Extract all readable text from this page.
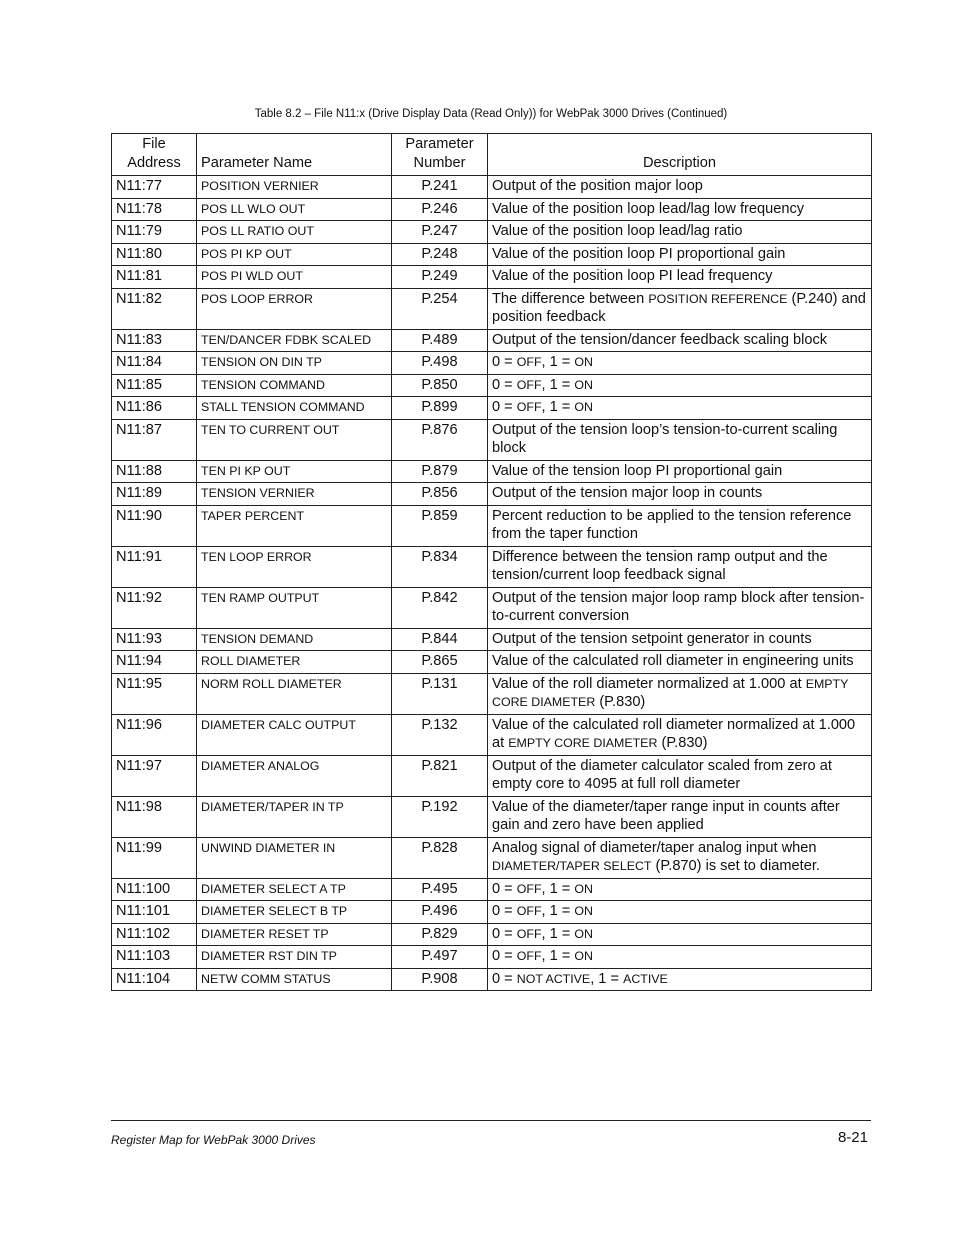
Table 8.2 – File N11:x (Drive Display Data (Read Only)) for WebPak 3000 Drives (Continued)
File Address	Parameter Name	Parameter Number	Description
N11:77	POSITION VERNIER	P.241	Output of the position major loop
N11:78	POS LL WLO OUT	P.246	Value of the position loop lead/lag low frequency
N11:79	POS LL RATIO OUT	P.247	Value of the position loop lead/lag ratio
N11:80	POS PI KP OUT	P.248	Value of the position loop PI proportional gain
N11:81	POS PI WLD OUT	P.249	Value of the position loop PI lead frequency
N11:82	POS LOOP ERROR	P.254	The difference between POSITION REFERENCE (P.240) and position feedback
N11:83	TEN/DANCER FDBK SCALED	P.489	Output of the tension/dancer feedback scaling block
N11:84	TENSION ON DIN TP	P.498	0 = OFF, 1 = ON
N11:85	TENSION COMMAND	P.850	0 = OFF, 1 = ON
N11:86	STALL TENSION COMMAND	P.899	0 = OFF, 1 = ON
N11:87	TEN TO CURRENT OUT	P.876	Output of the tension loop’s tension-to-current scaling block
N11:88	TEN PI KP OUT	P.879	Value of the tension loop PI proportional gain
N11:89	TENSION VERNIER	P.856	Output of the tension major loop in counts
N11:90	TAPER PERCENT	P.859	Percent reduction to be applied to the tension reference from the taper function
N11:91	TEN LOOP ERROR	P.834	Difference between the tension ramp output and the tension/current loop feedback signal
N11:92	TEN RAMP OUTPUT	P.842	Output of the tension major loop ramp block after tension-to-current conversion
N11:93	TENSION DEMAND	P.844	Output of the tension setpoint generator in counts
N11:94	ROLL DIAMETER	P.865	Value of the calculated roll diameter in engineering units
N11:95	NORM ROLL DIAMETER	P.131	Value of the roll diameter normalized at 1.000 at EMPTY CORE DIAMETER (P.830)
N11:96	DIAMETER CALC OUTPUT	P.132	Value of the calculated roll diameter normalized at 1.000 at EMPTY CORE DIAMETER (P.830)
N11:97	DIAMETER ANALOG	P.821	Output of the diameter calculator scaled from zero at empty core to 4095 at full roll diameter
N11:98	DIAMETER/TAPER IN TP	P.192	Value of the diameter/taper range input in counts after gain and zero have been applied
N11:99	UNWIND DIAMETER IN	P.828	Analog signal of diameter/taper analog input when DIAMETER/TAPER SELECT (P.870) is set to diameter.
N11:100	DIAMETER SELECT A TP	P.495	0 = OFF, 1 = ON
N11:101	DIAMETER SELECT B TP	P.496	0 = OFF, 1 = ON
N11:102	DIAMETER RESET TP	P.829	0 = OFF, 1 = ON
N11:103	DIAMETER RST DIN TP	P.497	0 = OFF, 1 = ON
N11:104	NETW COMM STATUS	P.908	0 = NOT ACTIVE, 1 = ACTIVE
Register Map for WebPak 3000 Drives	8-21
